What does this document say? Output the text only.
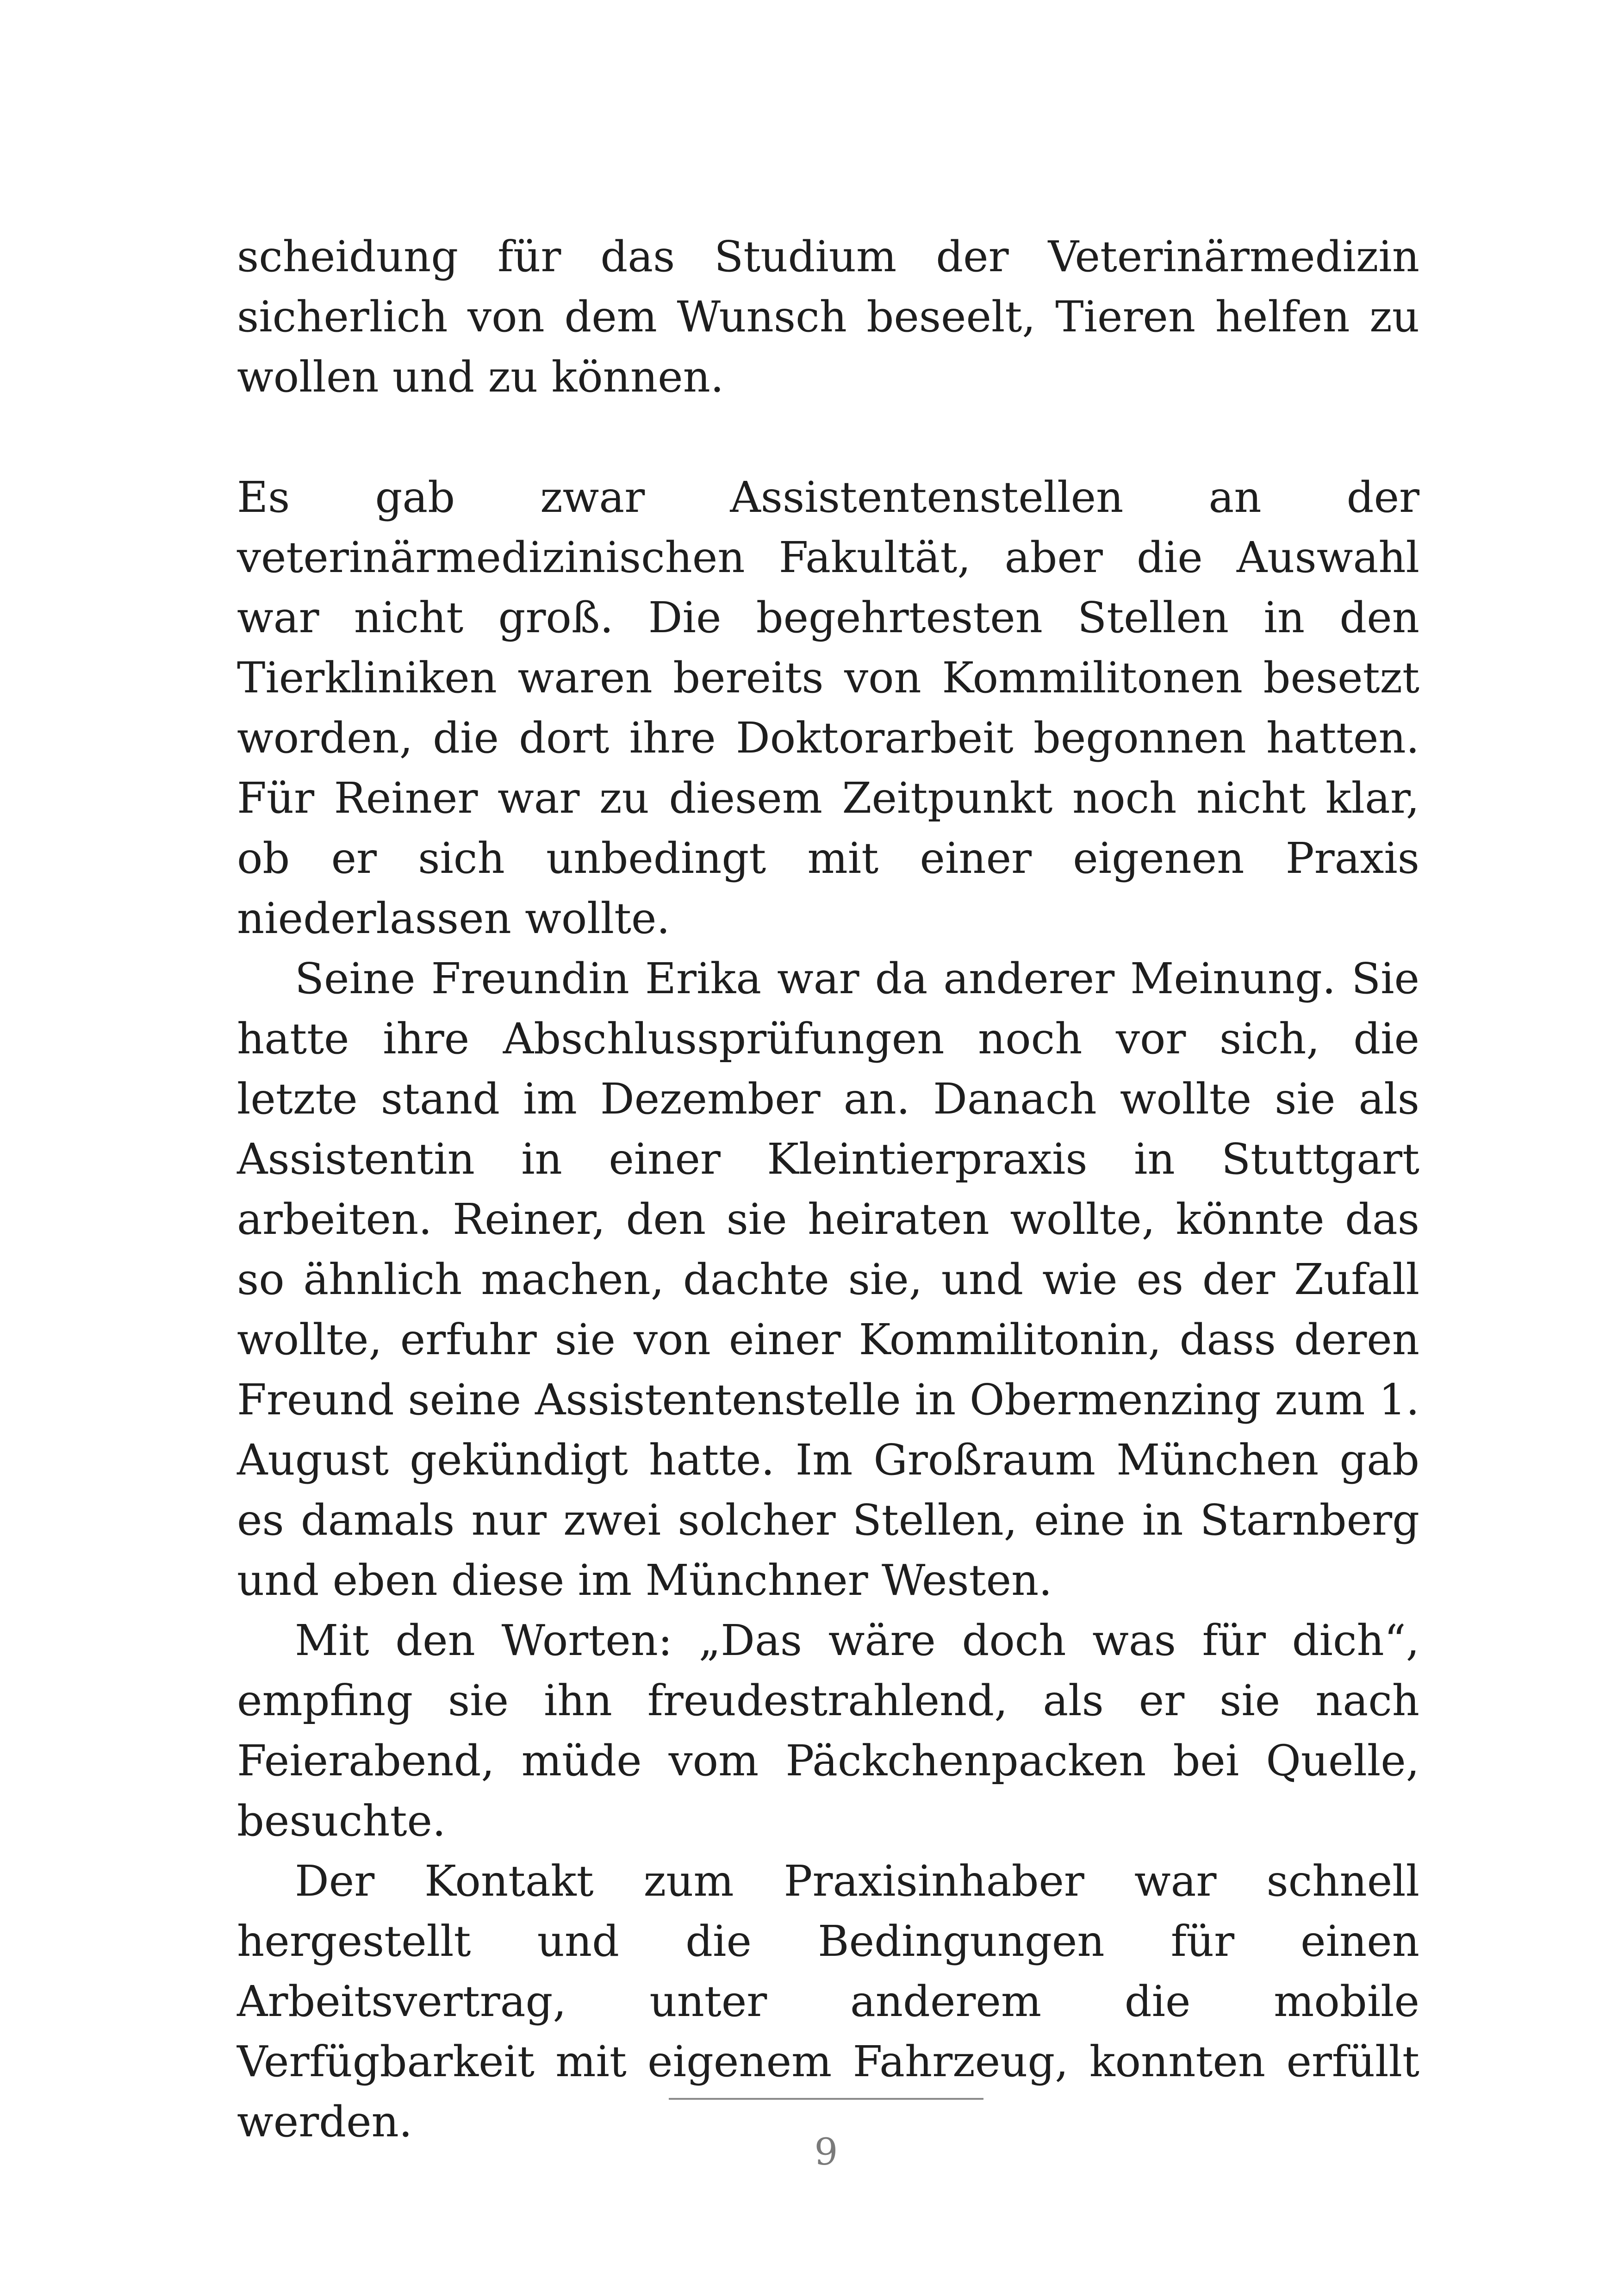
scheidung für das Studium der Veterinärmedizin sicherlich von dem Wunsch beseelt, Tieren helfen zu wollen und zu können.

Es gab zwar Assistentenstellen an der veterinärmedizinischen Fakultät, aber die Auswahl war nicht groß. Die begehrtesten Stellen in den Tierkliniken waren bereits von Kommilitonen besetzt worden, die dort ihre Doktorarbeit begonnen hatten. Für Reiner war zu diesem Zeitpunkt noch nicht klar, ob er sich unbedingt mit einer eigenen Praxis niederlassen wollte.

Seine Freundin Erika war da anderer Meinung. Sie hatte ihre Abschlussprüfungen noch vor sich, die letzte stand im Dezember an. Danach wollte sie als Assistentin in einer Kleintierpraxis in Stuttgart arbeiten. Reiner, den sie heiraten wollte, könnte das so ähnlich machen, dachte sie, und wie es der Zufall wollte, erfuhr sie von einer Kommilitonin, dass deren Freund seine Assistentenstelle in Obermenzing zum 1. August gekündigt hatte. Im Großraum München gab es damals nur zwei solcher Stellen, eine in Starnberg und eben diese im Münchner Westen.

Mit den Worten: „Das wäre doch was für dich“, empfing sie ihn freudestrahlend, als er sie nach Feierabend, müde vom Päckchenpacken bei Quelle, besuchte.

Der Kontakt zum Praxisinhaber war schnell hergestellt und die Bedingungen für einen Arbeitsvertrag, unter anderem die mobile Verfügbarkeit mit eigenem Fahrzeug, konnten erfüllt werden.

9
